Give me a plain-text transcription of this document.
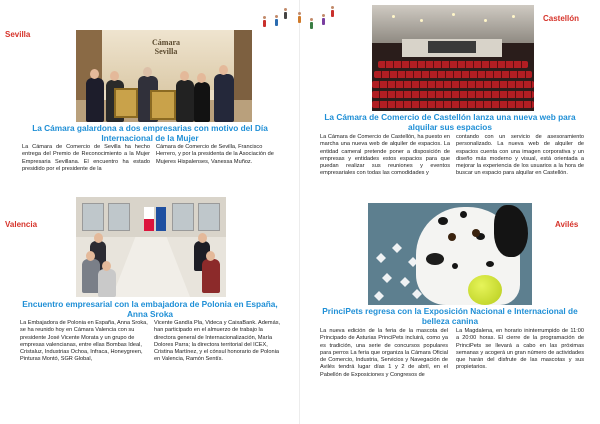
Sevilla
Cámara Sevilla
La Cámara galardona a dos empresarias con motivo del Día Internacional de la Mujer
La Cámara de Comercio de Sevilla ha hecho entrega del Premio de Reconocimiento a la Mujer Empresaria Sevillana. El encuentro ha estado presidido por el presidente de la
Cámara de Comercio de Sevilla, Francisco Herrero, y por la presidenta de la Asociación de Mujeres Hispalenses, Vanessa Muñoz.
Castellón
La Cámara de Comercio de Castellón lanza una nueva web para alquilar sus espacios
La Cámara de Comercio de Castellón, ha puesto en marcha una nueva web de alquiler de espacios. La entidad cameral pretende poner a disposición de empresas y entidades estos espacios para que puedan realizar sus reuniones y eventos empresariales con todas las comodidades y
contando con un servicio de asesoramiento personalizado. La nueva web de alquiler de espacios cuenta con una imagen corporativa y un diseño más moderno y visual, está orientada a mejorar la experiencia de los usuarios a la hora de buscar un espacio para alquilar en Castellón.
Valencia
Encuentro empresarial con la embajadora de Polonia en España, Anna Sroka
La Embajadora de Polonia en España, Anna Sroka, se ha reunido hoy en Cámara Valencia con su presidente José Vicente Morata y un grupo de empresas valencianas, entre ellas Bombas Ideal, Cristaluz, Industrias Ochoa, Infraca, Honeygreen, Pinturas Montó, SGR Global,
Vicente Gandía Pla, Videca y CaixaBank. Además, han participado en el almuerzo de trabajo la directora general de Internacionalización, María Dolores Parra; la directora territorial del ICEX, Cristina Martínez, y el cónsul honorario de Polonia en Valencia, Ramón Sentís.
Avilés
PrinciPets regresa con la Exposición Nacional e Internacional de belleza canina
La nueva edición de la feria de la mascota del Principado de Asturias PrinciPets incluirá, como ya es tradición, una serie de concursos populares para perros La feria que organiza la Cámara Oficial de Comercio, Industria, Servicios y Navegación de Avilés tendrá lugar días 1 y 2 de abril, en el Pabellón de Exposiciones y Congresos de
La Magdalena, en horario ininterrumpido de 11:00 a 20:00 horas. El cierre de la programación de PrinciPets se llevará a cabo en las próximas semanas y acogerá un gran número de actividades que harán del disfrute de las mascotas y sus propietarios.
